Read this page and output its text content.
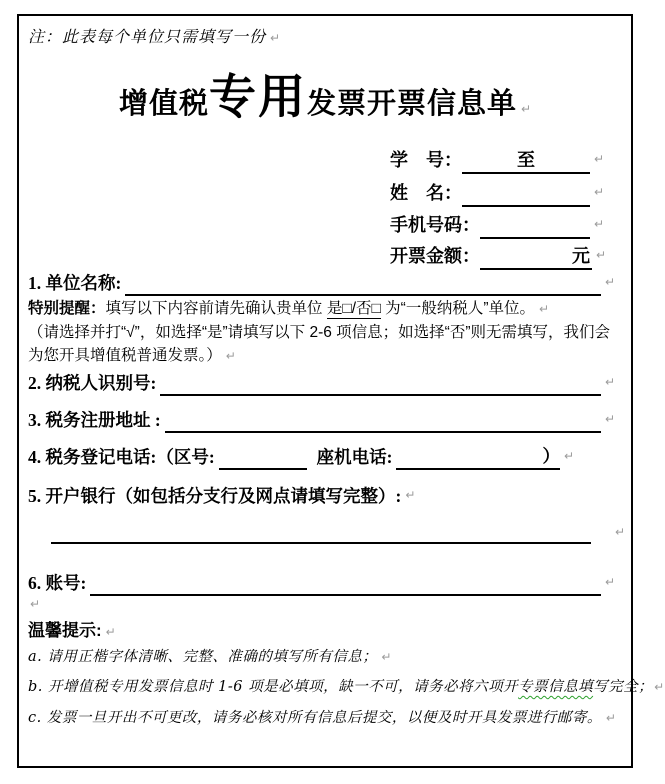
注：此表每个单位只需填写一份 ↵
增值税专用发票开票信息单 ↵
学　号：	至	↵
姓　名：	↵
手机号码：	↵
开票金额：	元 ↵
1. 单位名称:	↵
特别提醒：填写以下内容前请先确认贵单位 是□/否□ 为“一般纳税人”单位。 ↵
（请选择并打“√”，如选择“是”请填写以下 2-6 项信息；如选择“否”则无需填写，我们会为您开具增值税普通发票。） ↵
2. 纳税人识别号:	↵
3. 税务注册地址 :	↵
4. 税务登记电话:（区号:	座机电话:	） ↵
5. 开户银行（如包括分支行及网点请填写完整）: ↵
↵
6. 账号:	↵
↵
温馨提示: ↵
a. 请用正楷字体清晰、完整、准确的填写所有信息； ↵
b. 开增值税专用发票信息时 1-6 项是必填项，缺一不可，请务必将六项开专票信息填写完全；↵
c. 发票一旦开出不可更改，请务必核对所有信息后提交，以便及时开具发票进行邮寄。 ↵
